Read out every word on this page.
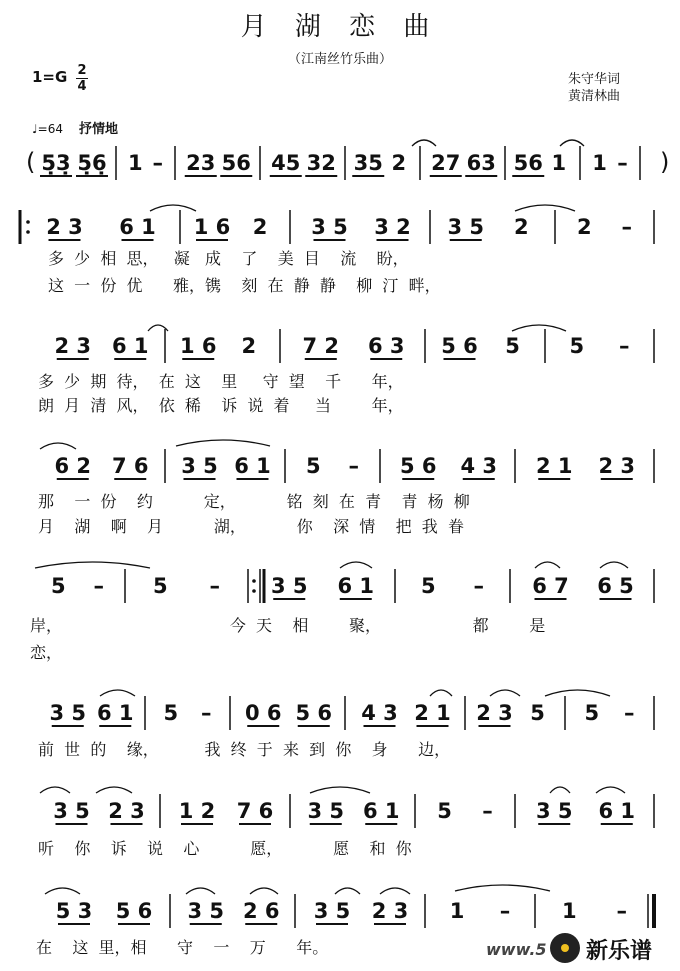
月 湖 恋 曲
（江南丝竹乐曲）
1=G 2
4	朱守华词
黄清林曲
♩=64 抒情地
5̣3̣ 5̣6̣ 1 – 23 56 45 32 35 2 27 63 56 1 1 –
(	)
2 3 6 1 1 6 2 3 5 3 2 3 5 2 2 –
2 3 6 1 1 6 2 7 2 6 3 5 6 5 5 –
6 2 7 6 3 5 6 1 5 – 5 6 4 3 2 1 2 3
5 – 5 – 3 5 6 1 5 – 6 7 6 5
3 5 6 1 5 – 0 6 5 6 4 3 2 1 2 3 5 5 –
3 5 2 3 1 2 7 6 3 5 6 1 5 – 3 5 6 1
5 3 5 6 3 5 2 6 3 5 2 3 1 – 1 –
多  少  相  思，   凝   成    了    美  目    流    盼，
这  一  份  优      雅，镌    刻  在  静  静    柳  汀  畔，
多  少  期  待，  在  这    里     守  望    千      年，
朗  月  清  风，  依  稀    诉  说  着     当        年，
那    一  份    约          定，          铭  刻  在  青    青  杨  柳
月    湖    啊    月          湖，          你    深  情    把  我  眷
岸，                                 今  天    相        聚，                  都        是
恋，
前  世  的    缘，         我  终  于  来  到  你    身      边，
听    你    诉    说    心          愿，          愿    和  你
在    这  里，相      守    一    万      年。	www.5 新乐谱
